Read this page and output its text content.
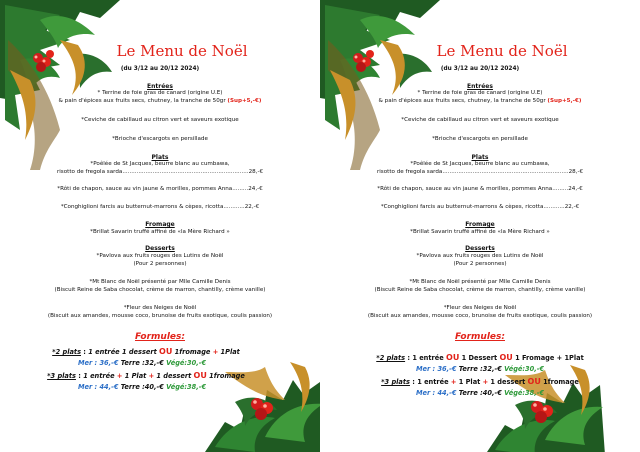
Le Menu de Noël
(du 3/12 au 20/12 2024)
Entrées
* Terrine de foie gras de canard (origine U.E)
& pain d'épices aux fruits secs, chutney, la tranche de 50gr (Sup+5,-€)
*Ceviche de cabillaud au citron vert et saveurs exotique
*Brioche d'escargots en persillade
Plats
*Poêlée de St Jacques, beurre blanc au cumbawa,
risotto de fregola sarda.......................................................................28,-€
*Rôti de chapon, sauce au vin jaune & morilles, pommes Anna.........24,-€
*Conghiglioni farcis au butternut-marrons & cèpes, ricotta............22,-€
Fromage
*Brillat Savarin truffé affiné de «la Mère Richard »
Desserts
*Pavlova aux fruits rouges des Lutins de Noël
(Pour 2 personnes)
*Mt Blanc de Noël présenté par Mlle Camille Denis
(Biscuit Reine de Saba chocolat, crème de marron, chantilly, crème vanille)
*Fleur des Neiges de Noël
(Biscuit aux amandes, mousse coco, brunoise de fruits exotique, coulis passion)
Formules:
*2 plats : 1 entrée 1 dessert OU 1fromage + 1Plat
Mer : 36,-€ Terre :32,-€ Végé:30,-€
*3 plats : 1 entrée + 1 Plat + 1 dessert OU 1fromage
Mer : 44,-€ Terre :40,-€ Végé:38,-€
Le Menu de Noël
(du 3/12 au 20/12 2024)
Entrées
* Terrine de foie gras de canard (origine U.E)
& pain d'épices aux fruits secs, chutney, la tranche de 50gr (Sup+5,-€)
*Ceviche de cabillaud au citron vert et saveurs exotique
*Brioche d'escargots en persillade
Plats
*Poêlée de St Jacques, beurre blanc au cumbawa,
risotto de fregola sarda.......................................................................28,-€
*Rôti de chapon, sauce au vin jaune & morilles, pommes Anna.........24,-€
*Conghiglioni farcis au butternut-marrons & cèpes, ricotta............22,-€
Fromage
*Brillat Savarin truffé affiné de «la Mère Richard »
Desserts
*Pavlova aux fruits rouges des Lutins de Noël
(Pour 2 personnes)
*Mt Blanc de Noël présenté par Mlle Camille Denis
(Biscuit Reine de Saba chocolat, crème de marron, chantilly, crème vanille)
*Fleur des Neiges de Noël
(Biscuit aux amandes, mousse coco, brunoise de fruits exotique, coulis passion)
Formules:
*2 plats : 1 entrée OU 1 Dessert OU 1 Fromage + 1Plat
Mer : 36,-€ Terre :32,-€ Végé:30,-€
*3 plats : 1 entrée + 1 Plat + 1 dessert OU 1fromage
Mer : 44,-€ Terre :40,-€ Végé:38,-€
